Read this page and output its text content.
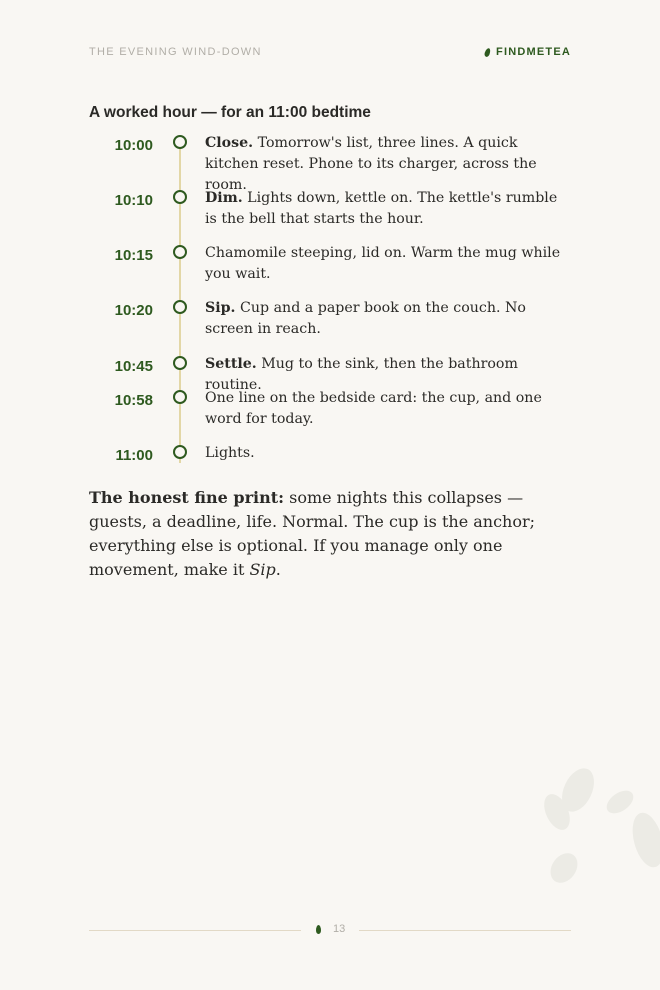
THE EVENING WIND-DOWN	FINDMETEA
A worked hour — for an 11:00 bedtime
10:00	Close. Tomorrow's list, three lines. A quick kitchen reset. Phone to its charger, across the room.
10:10	Dim. Lights down, kettle on. The kettle's rumble is the bell that starts the hour.
10:15	Chamomile steeping, lid on. Warm the mug while you wait.
10:20	Sip. Cup and a paper book on the couch. No screen in reach.
10:45	Settle. Mug to the sink, then the bathroom routine.
10:58	One line on the bedside card: the cup, and one word for today.
11:00	Lights.

The honest fine print: some nights this collapses — guests, a deadline, life. Normal. The cup is the anchor; everything else is optional. If you manage only one movement, make it Sip.

13
